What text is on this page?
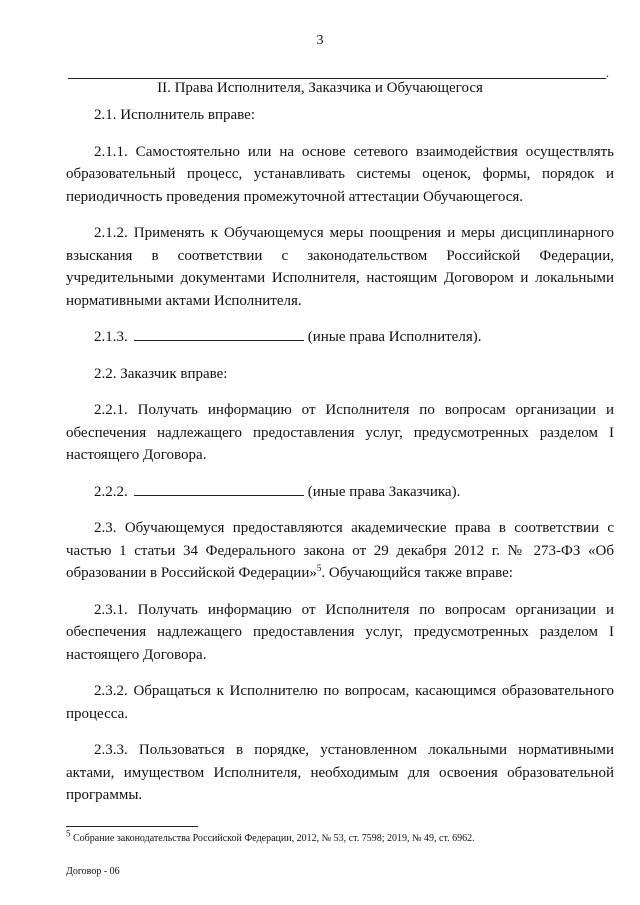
3
.
II. Права Исполнителя, Заказчика и Обучающегося

2.1. Исполнитель вправе:

2.1.1. Самостоятельно или на основе сетевого взаимодействия осуществлять образовательный процесс, устанавливать системы оценок, формы, порядок и периодичность проведения промежуточной аттестации Обучающегося.

2.1.2. Применять к Обучающемуся меры поощрения и меры дисциплинарного взыскания в соответствии с законодательством Российской Федерации, учредительными документами Исполнителя, настоящим Договором и локальными нормативными актами Исполнителя.

2.1.3.	(иные права Исполнителя).

2.2. Заказчик вправе:

2.2.1. Получать информацию от Исполнителя по вопросам организации и обеспечения надлежащего предоставления услуг, предусмотренных разделом I настоящего Договора.

2.2.2.	(иные права Заказчика).

2.3. Обучающемуся предоставляются академические права в соответствии с частью 1 статьи 34 Федерального закона от 29 декабря 2012 г. № 273-ФЗ «Об образовании в Российской Федерации»$^5$. Обучающийся также вправе:

2.3.1. Получать информацию от Исполнителя по вопросам организации и обеспечения надлежащего предоставления услуг, предусмотренных разделом I настоящего Договора.

2.3.2. Обращаться к Исполнителю по вопросам, касающимся образовательного процесса.

2.3.3. Пользоваться в порядке, установленном локальными нормативными актами, имуществом Исполнителя, необходимым для освоения образовательной программы.

$^5$ Собрание законодательства Российской Федерации, 2012, № 53, ст. 7598; 2019, № 49, ст. 6962.
Договор - 06
